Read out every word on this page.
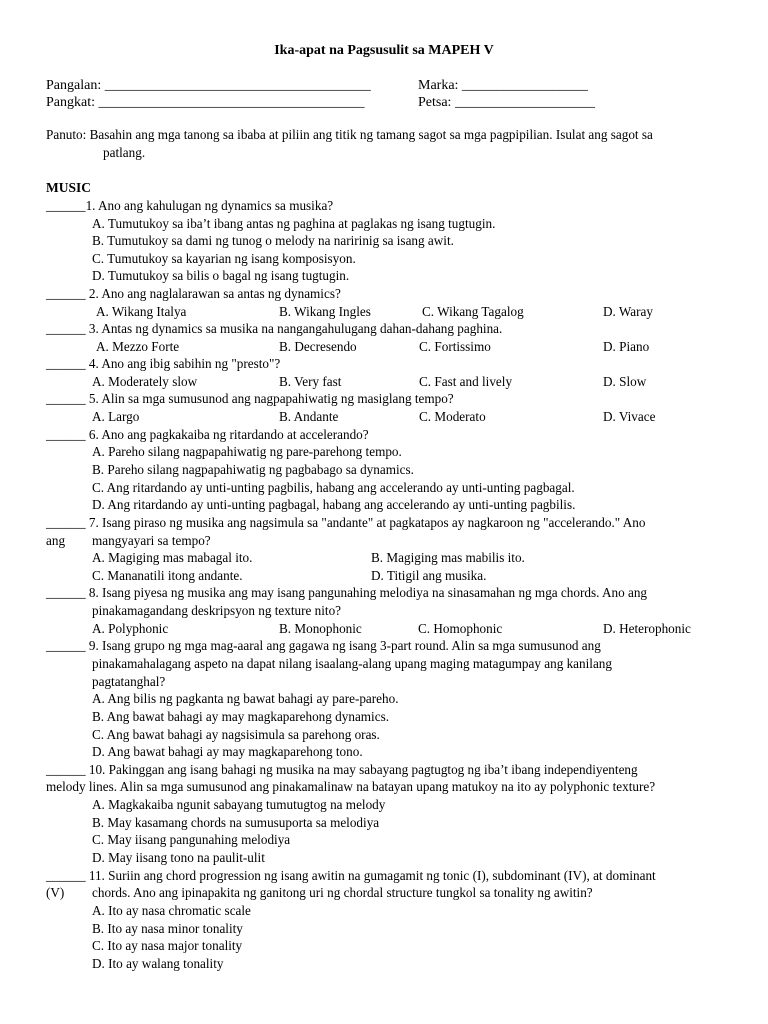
Ika-apat na Pagsusulit sa MAPEH V
Pangalan: ______________________________________	Marka: __________________
Pangkat: ______________________________________	Petsa: ____________________
Panuto: Basahin ang mga tanong sa ibaba at piliin ang titik ng tamang sagot sa mga pagpipilian. Isulat ang sagot sa
patlang.
MUSIC
______1. Ano ang kahulugan ng dynamics sa musika?
A. Tumutukoy sa iba’t ibang antas ng paghina at paglakas ng isang tugtugin.
B. Tumutukoy sa dami ng tunog o melody na naririnig sa isang awit.
C. Tumutukoy sa kayarian ng isang komposisyon.
D. Tumutukoy sa bilis o bagal ng isang tugtugin.
______ 2. Ano ang naglalarawan sa antas ng dynamics?
A. Wikang Italya	B. Wikang Ingles	C. Wikang Tagalog	D. Waray
______ 3. Antas ng dynamics sa musika na nangangahulugang dahan-dahang paghina.
A. Mezzo Forte	B. Decresendo	C. Fortissimo	D. Piano
______ 4. Ano ang ibig sabihin ng "presto"?
A. Moderately slow	B. Very fast	C. Fast and lively	D. Slow
______ 5. Alin sa mga sumusunod ang nagpapahiwatig ng masiglang tempo?
A. Largo	B. Andante	C. Moderato	D. Vivace
______ 6. Ano ang pagkakaiba ng ritardando at accelerando?
A. Pareho silang nagpapahiwatig ng pare-parehong tempo.
B. Pareho silang nagpapahiwatig ng pagbabago sa dynamics.
C. Ang ritardando ay unti-unting pagbilis, habang ang accelerando ay unti-unting pagbagal.
D. Ang ritardando ay unti-unting pagbagal, habang ang accelerando ay unti-unting pagbilis.
______ 7. Isang piraso ng musika ang nagsimula sa "andante" at pagkatapos ay nagkaroon ng "accelerando." Ano
ang mangyayari sa tempo?
A. Magiging mas mabagal ito.	B. Magiging mas mabilis ito.
C. Mananatili itong andante.	D. Titigil ang musika.
______ 8. Isang piyesa ng musika ang may isang pangunahing melodiya na sinasamahan ng mga chords. Ano ang
pinakamagandang deskripsyon ng texture nito?
A. Polyphonic	B. Monophonic	C. Homophonic	D. Heterophonic
______ 9. Isang grupo ng mga mag-aaral ang gagawa ng isang 3-part round. Alin sa mga sumusunod ang
pinakamahalagang aspeto na dapat nilang isaalang-alang upang maging matagumpay ang kanilang
pagtatanghal?
A. Ang bilis ng pagkanta ng bawat bahagi ay pare-pareho.
B. Ang bawat bahagi ay may magkaparehong dynamics.
C. Ang bawat bahagi ay nagsisimula sa parehong oras.
D. Ang bawat bahagi ay may magkaparehong tono.
______ 10. Pakinggan ang isang bahagi ng musika na may sabayang pagtugtog ng iba’t ibang independiyenteng
melody lines. Alin sa mga sumusunod ang pinakamalinaw na batayan upang matukoy na ito ay polyphonic texture?
A. Magkakaiba ngunit sabayang tumutugtog na melody
B. May kasamang chords na sumusuporta sa melodiya
C. May iisang pangunahing melodiya
D. May iisang tono na paulit-ulit
______ 11. Suriin ang chord progression ng isang awitin na gumagamit ng tonic (I), subdominant (IV), at dominant
(V) chords. Ano ang ipinapakita ng ganitong uri ng chordal structure tungkol sa tonality ng awitin?
A. Ito ay nasa chromatic scale
B. Ito ay nasa minor tonality
C. Ito ay nasa major tonality
D. Ito ay walang tonality
